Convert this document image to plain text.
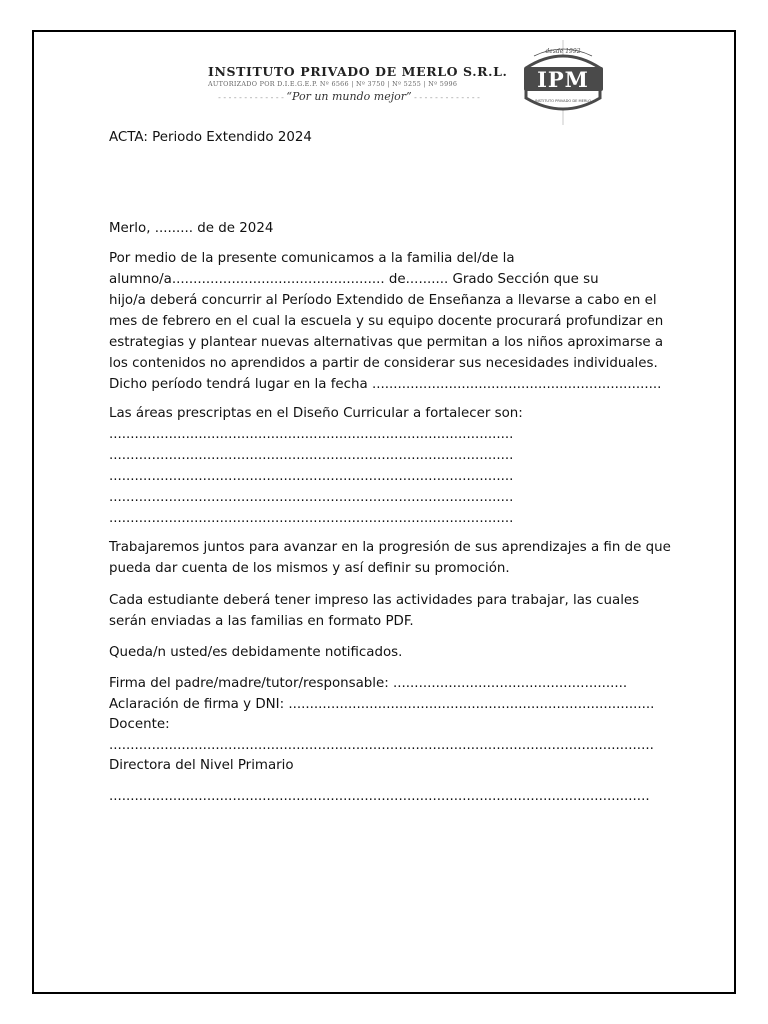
INSTITUTO PRIVADO DE MERLO S.R.L.
AUTORIZADO POR D.I.E.G.E.P. Nº 6566 | Nº 3750 | Nº 5255 | Nº 5996
- - - - - - - - - - - - - “Por un mundo mejor” - - - - - - - - - - - - -
desde 1992
IPM
INSTITUTO PRIVADO DE MERLO
ACTA: Periodo Extendido 2024
Merlo, ......... de de 2024
Por medio de la presente comunicamos a la familia del/de la
alumno/a.................................................. de.......... Grado Sección que su
hijo/a deberá concurrir al Período Extendido de Enseñanza a llevarse a cabo en el
mes de febrero en el cual la escuela y su equipo docente procurará profundizar en
estrategias y plantear nuevas alternativas que permitan a los niños aproximarse a
los contenidos no aprendidos a partir de considerar sus necesidades individuales.
Dicho período tendrá lugar en la fecha ....................................................................
Las áreas prescriptas en el Diseño Curricular a fortalecer son:
...............................................................................................
...............................................................................................
...............................................................................................
...............................................................................................
...............................................................................................
Trabajaremos juntos para avanzar en la progresión de sus aprendizajes a fin de que
pueda dar cuenta de los mismos y así definir su promoción.
Cada estudiante deberá tener impreso las actividades para trabajar, las cuales
serán enviadas a las familias en formato PDF.
Queda/n usted/es debidamente notificados.
Firma del padre/madre/tutor/responsable: .......................................................
Aclaración de firma y DNI: ......................................................................................
Docente:
................................................................................................................................
Directora del Nivel Primario
...............................................................................................................................
